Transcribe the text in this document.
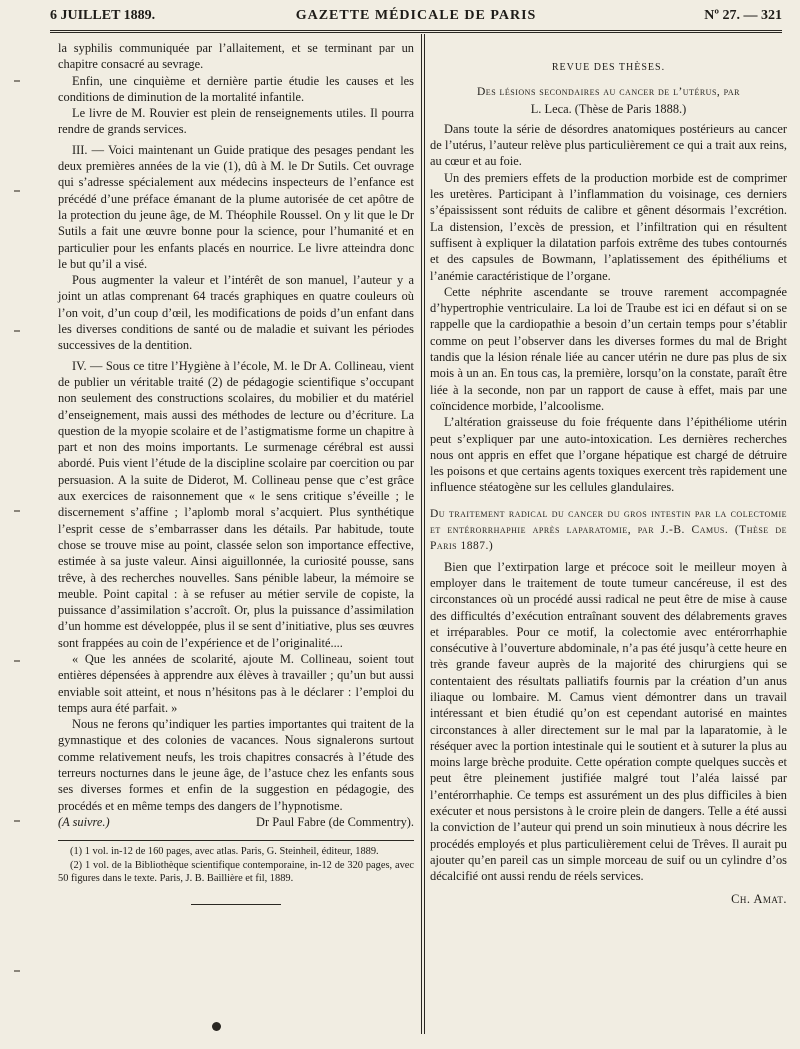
6 JUILLET 1889.	GAZETTE MÉDICALE DE PARIS	Nº 27. — 321

la syphilis communiquée par l’allaitement, et se terminant par un chapitre consacré au sevrage.

Enfin, une cinquième et dernière partie étudie les causes et les conditions de diminution de la mortalité infantile.

Le livre de M. Rouvier est plein de renseignements utiles. Il pourra rendre de grands services.

III. — Voici maintenant un Guide pratique des pesages pendant les deux premières années de la vie (1), dû à M. le Dr Sutils. Cet ouvrage qui s’adresse spécialement aux médecins inspecteurs de l’enfance est précédé d’une préface émanant de la plume autorisée de cet apôtre de la protection du jeune âge, de M. Théophile Roussel. On y lit que le Dr Sutils a fait une œuvre bonne pour la science, pour l’humanité et en particulier pour les enfants placés en nourrice. Le livre atteindra donc le but qu’il a visé.

Pous augmenter la valeur et l’intérêt de son manuel, l’auteur y a joint un atlas comprenant 64 tracés graphiques en quatre couleurs où l’on voit, d’un coup d’œil, les modifications de poids d’un enfant dans les diverses conditions de santé ou de maladie et suivant les périodes successives de la dentition.

IV. — Sous ce titre l’Hygiène à l’école, M. le Dr A. Collineau, vient de publier un véritable traité (2) de pédagogie scientifique s’occupant non seulement des constructions scolaires, du mobilier et du matériel d’enseignement, mais aussi des méthodes de lecture ou d’écriture. La question de la myopie scolaire et de l’astigmatisme forme un chapitre à part et non des moins importants. Le surmenage cérébral est aussi abordé. Puis vient l’étude de la discipline scolaire par coercition ou par persuasion. A la suite de Diderot, M. Collineau pense que c’est grâce aux exercices de raisonnement que « le sens critique s’éveille ; le discernement s’affine ; l’aplomb moral s’acquiert. Plus synthétique l’esprit cesse de s’embarrasser dans les détails. Par habitude, toute chose se trouve mise au point, classée selon son importance effective, estimée à sa juste valeur. Ainsi aiguillonnée, la curiosité pousse, sans trêve, à des recherches nouvelles. Sans pénible labeur, la mémoire se meuble. Point capital : à se refuser au métier servile de copiste, la puissance d’assimilation s’accroît. Or, plus la puissance d’assimilation d’un homme est développée, plus il se sent d’initiative, plus ses œuvres sont frappées au coin de l’expérience et de l’originalité....

« Que les années de scolarité, ajoute M. Collineau, soient tout entières dépensées à apprendre aux élèves à travailler ; qu’un but aussi enviable soit atteint, et nous n’hésitons pas à le déclarer : l’emploi du temps aura été parfait. »

Nous ne ferons qu’indiquer les parties importantes qui traitent de la gymnastique et des colonies de vacances. Nous signalerons surtout comme relativement neufs, les trois chapitres consacrés à l’étude des terreurs nocturnes dans le jeune âge, de l’astuce chez les enfants sous ses diverses formes et enfin de la suggestion en pédagogie, des procédés et en même temps des dangers de l’hypnotisme.

(A suivre.)	Dr Paul Fabre (de Commentry).

(1) 1 vol. in-12 de 160 pages, avec atlas. Paris, G. Steinheil, éditeur, 1889.

(2) 1 vol. de la Bibliothèque scientifique contemporaine, in-12 de 320 pages, avec 50 figures dans le texte. Paris, J. B. Baillière et fil, 1889.

REVUE DES THÈSES.

Des lésions secondaires au cancer de l’utérus, par

L. Leca. (Thèse de Paris 1888.)

Dans toute la série de désordres anatomiques postérieurs au cancer de l’utérus, l’auteur relève plus particulièrement ce qui a trait aux reins, au cœur et au foie.

Un des premiers effets de la production morbide est de comprimer les uretères. Participant à l’inflammation du voisinage, ces derniers s’épaississent sont réduits de calibre et gênent désormais l’excrétion. La distension, l’excès de pression, et l’infiltration qui en résultent suffisent à expliquer la dilatation parfois extrême des tubes contournés et des capsules de Bowmann, l’aplatissement des épithéliums et l’anémie caractéristique de l’organe.

Cette néphrite ascendante se trouve rarement accompagnée d’hypertrophie ventriculaire. La loi de Traube est ici en défaut si on se rappelle que la cardiopathie a besoin d’un certain temps pour s’établir comme on peut l’observer dans les diverses formes du mal de Bright tandis que la lésion rénale liée au cancer utérin ne dure pas plus de six mois à un an. En tous cas, la première, lorsqu’on la constate, paraît être liée à la seconde, non par un rapport de cause à effet, mais par une coïncidence morbide, l’alcoolisme.

L’altération graisseuse du foie fréquente dans l’épithéliome utérin peut s’expliquer par une auto-intoxication. Les dernières recherches nous ont appris en effet que l’organe hépatique est chargé de détruire les poisons et que certains agents toxiques exercent très rapidement une influence stéatogène sur les cellules glandulaires.

Du traitement radical du cancer du gros intestin par la colectomie et entérorrhaphie après laparatomie, par J.-B. Camus. (Thèse de Paris 1887.)

Bien que l’extirpation large et précoce soit le meilleur moyen à employer dans le traitement de toute tumeur cancéreuse, il est des circonstances où un procédé aussi radical ne peut être de mise à cause des difficultés d’exécution entraînant souvent des délabrements graves et irréparables. Pour ce motif, la colectomie avec entérorrhaphie consécutive à l’ouverture abdominale, n’a pas été jusqu’à cette heure en très grande faveur auprès de la majorité des chirurgiens qui se contentaient des résultats palliatifs fournis par la création d’un anus iliaque ou lombaire. M. Camus vient démontrer dans un travail intéressant et bien étudié qu’on est cependant autorisé en maintes circonstances à aller directement sur le mal par la laparatomie, à le réséquer avec la portion intestinale qui le soutient et à suturer la plus au moins large brèche produite. Cette opération compte quelques succès et peut être pleinement justifiée malgré tout l’aléa laissé par l’entérorrhaphie. Ce temps est assurément un des plus difficiles à bien exécuter et nous persistons à le croire plein de dangers. Telle a été aussi la conviction de l’auteur qui prend un soin minutieux à nous décrire les procédés employés et plus particulièrement celui de Trêves. Il aurait pu ajouter qu’en pareil cas un simple morceau de suif ou un cylindre d’os décalcifié ont aussi rendu de réels services.

Ch. Amat.
